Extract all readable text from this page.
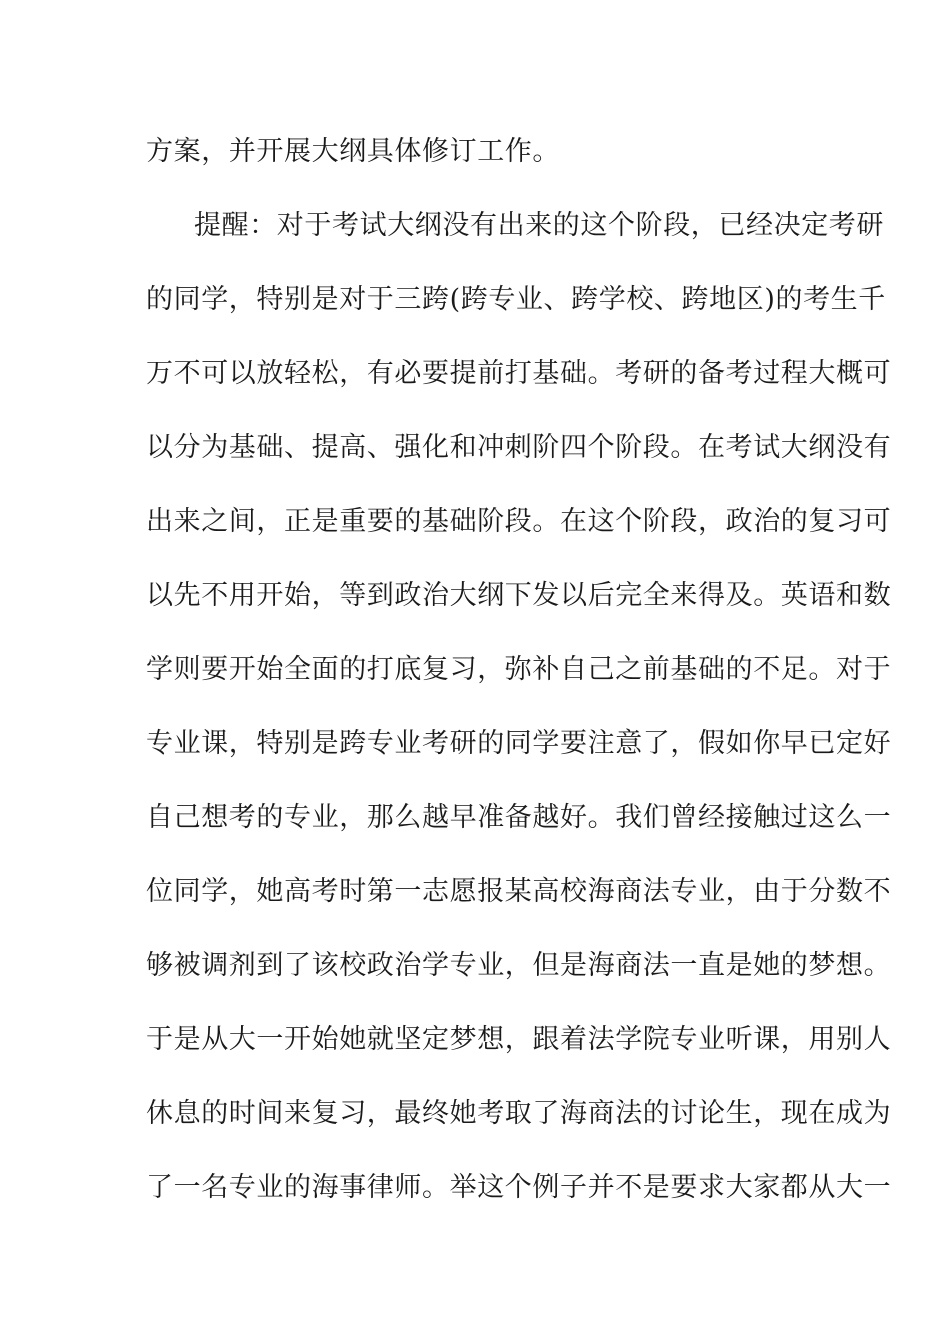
方案，并开展大纲具体修订工作。
提醒：对于考试大纲没有出来的这个阶段，已经决定考研
的同学，特别是对于三跨(跨专业、跨学校、跨地区)的考生千
万不可以放轻松，有必要提前打基础。考研的备考过程大概可
以分为基础、提高、强化和冲刺阶四个阶段。在考试大纲没有
出来之间，正是重要的基础阶段。在这个阶段，政治的复习可
以先不用开始，等到政治大纲下发以后完全来得及。英语和数
学则要开始全面的打底复习，弥补自己之前基础的不足。对于
专业课，特别是跨专业考研的同学要注意了，假如你早已定好
自己想考的专业，那么越早准备越好。我们曾经接触过这么一
位同学，她高考时第一志愿报某高校海商法专业，由于分数不
够被调剂到了该校政治学专业，但是海商法一直是她的梦想。
于是从大一开始她就坚定梦想，跟着法学院专业听课，用别人
休息的时间来复习，最终她考取了海商法的讨论生，现在成为
了一名专业的海事律师。举这个例子并不是要求大家都从大一
